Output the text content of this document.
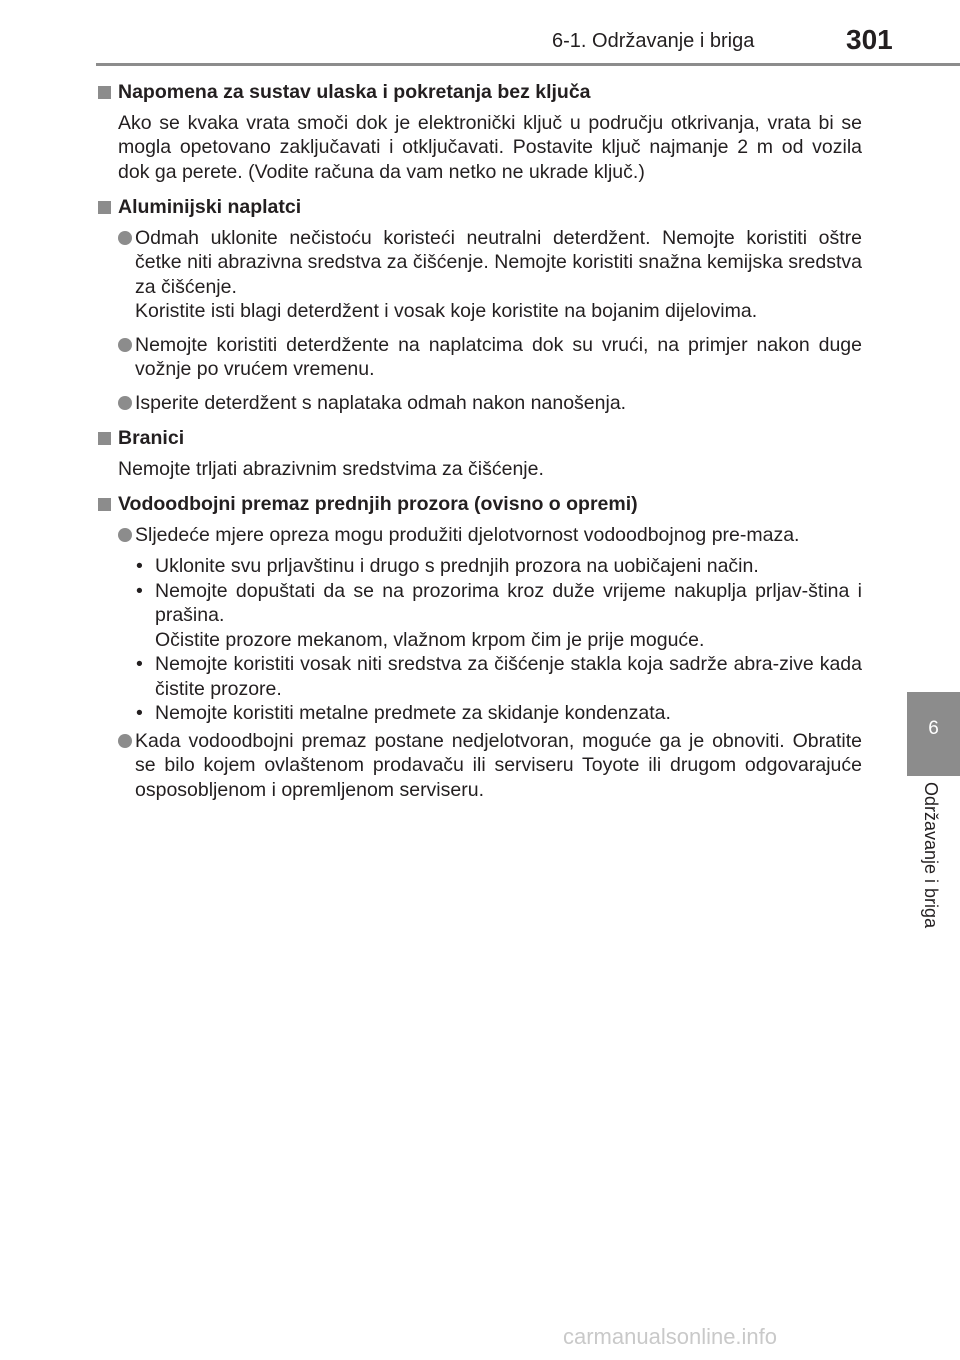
6-1. Održavanje i briga	301
6
Održavanje i briga
Napomena za sustav ulaska i pokretanja bez ključa
Ako se kvaka vrata smoči dok je elektronički ključ u području otkrivanja, vrata bi se mogla opetovano zaključavati i otključavati. Postavite ključ najmanje 2 m od vozila dok ga perete. (Vodite računa da vam netko ne ukrade ključ.)
Aluminijski naplatci
Odmah uklonite nečistoću koristeći neutralni deterdžent. Nemojte koristiti oštre četke niti abrazivna sredstva za čišćenje. Nemojte koristiti snažna kemijska sredstva za čišćenje.
Koristite isti blagi deterdžent i vosak koje koristite na bojanim dijelovima.
Nemojte koristiti deterdžente na naplatcima dok su vrući, na primjer nakon duge vožnje po vrućem vremenu.
Isperite deterdžent s naplataka odmah nakon nanošenja.
Branici
Nemojte trljati abrazivnim sredstvima za čišćenje.
Vodoodbojni premaz prednjih prozora (ovisno o opremi)
Sljedeće mjere opreza mogu produžiti djelotvornost vodoodbojnog pre-maza.
• Uklonite svu prljavštinu i drugo s prednjih prozora na uobičajeni način.
• Nemojte dopuštati da se na prozorima kroz duže vrijeme nakuplja prljav-ština i prašina.
Očistite prozore mekanom, vlažnom krpom čim je prije moguće.
• Nemojte koristiti vosak niti sredstva za čišćenje stakla koja sadrže abra-zive kada čistite prozore.
• Nemojte koristiti metalne predmete za skidanje kondenzata.
Kada vodoodbojni premaz postane nedjelotvoran, moguće ga je obnoviti. Obratite se bilo kojem ovlaštenom prodavaču ili serviseru Toyote ili drugom odgovarajuće osposobljenom i opremljenom serviseru.
carmanualsonline.info
